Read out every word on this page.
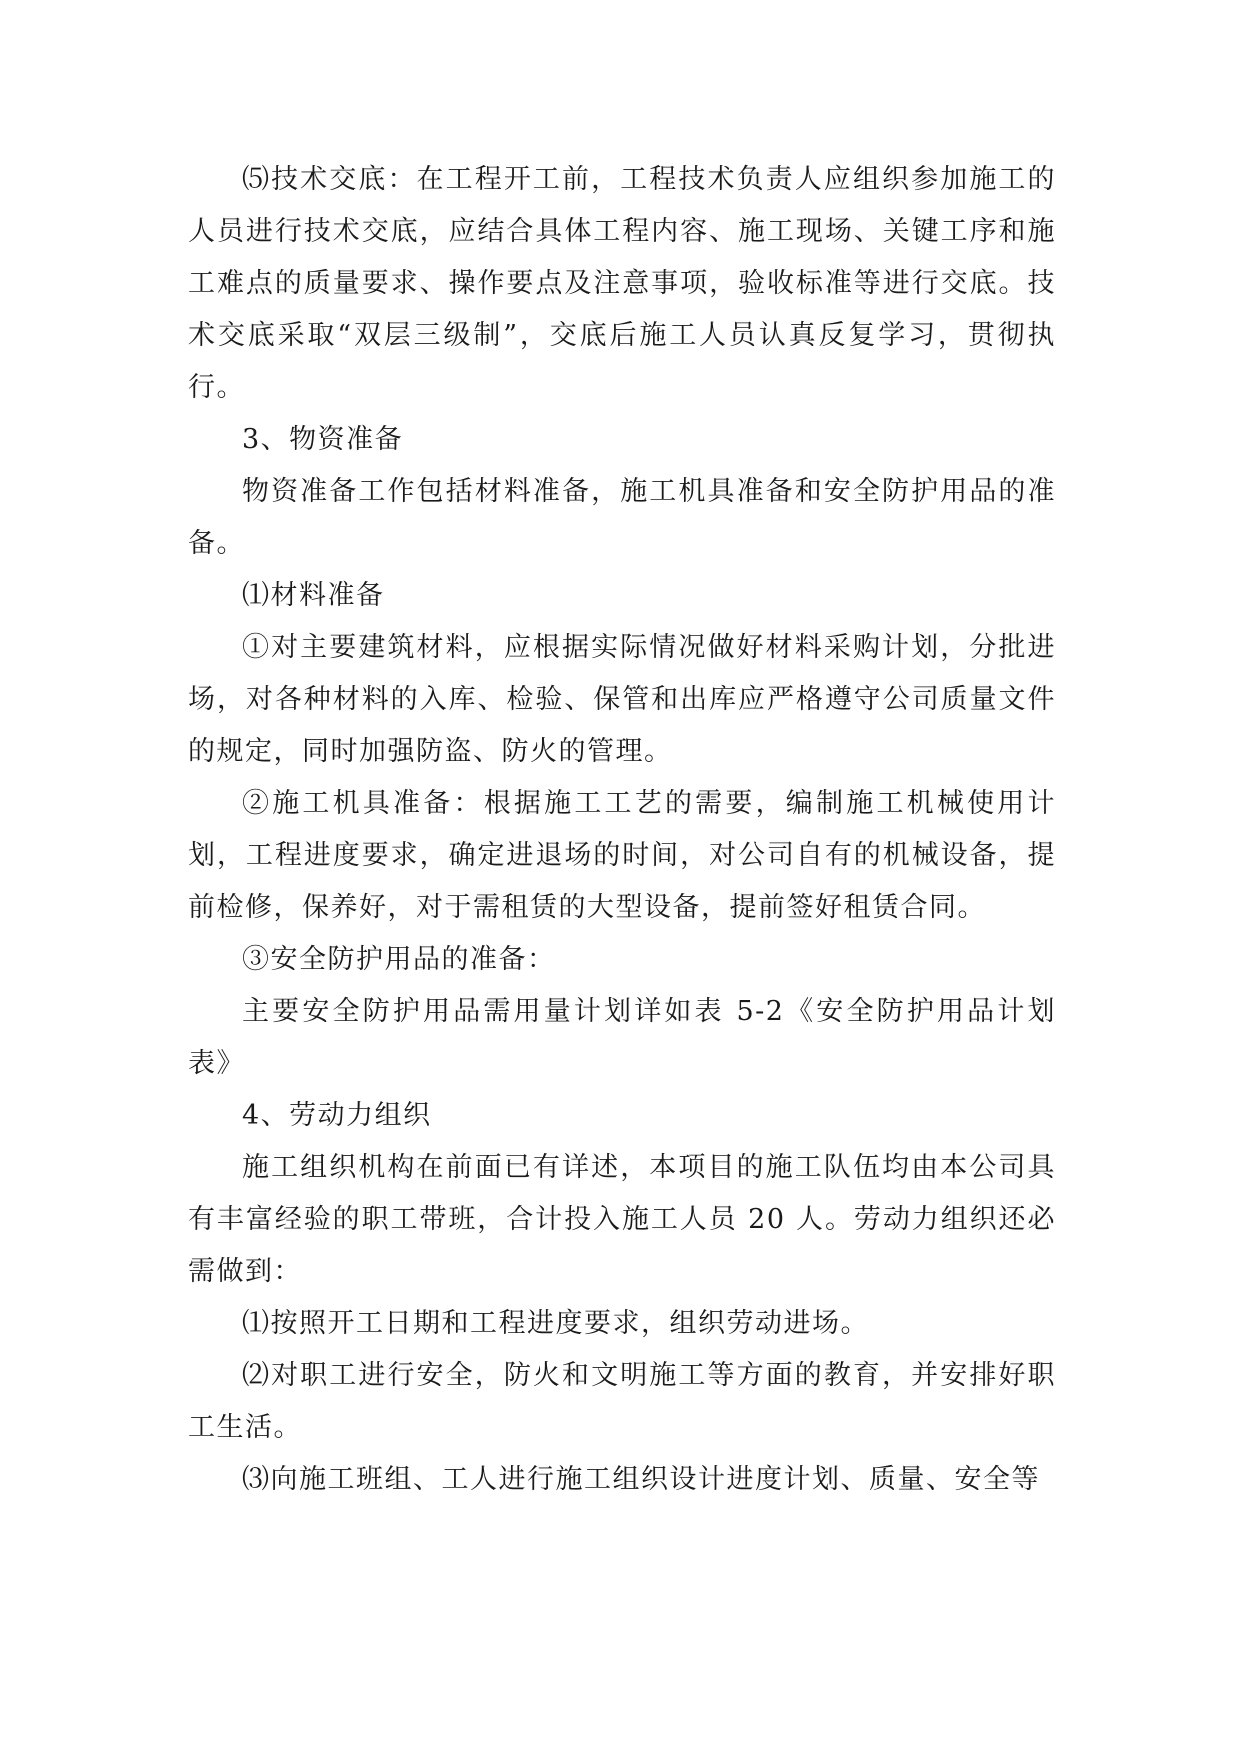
⑸技术交底：在工程开工前，工程技术负责人应组织参加施工的人员进行技术交底，应结合具体工程内容、施工现场、关键工序和施工难点的质量要求、操作要点及注意事项，验收标准等进行交底。技术交底采取“双层三级制”，交底后施工人员认真反复学习，贯彻执行。

3、物资准备

物资准备工作包括材料准备，施工机具准备和安全防护用品的准备。

⑴材料准备

①对主要建筑材料，应根据实际情况做好材料采购计划，分批进场，对各种材料的入库、检验、保管和出库应严格遵守公司质量文件的规定，同时加强防盗、防火的管理。

②施工机具准备：根据施工工艺的需要，编制施工机械使用计划，工程进度要求，确定进退场的时间，对公司自有的机械设备，提前检修，保养好，对于需租赁的大型设备，提前签好租赁合同。

③安全防护用品的准备：

主要安全防护用品需用量计划详如表 5-2《安全防护用品计划表》

4、劳动力组织

施工组织机构在前面已有详述，本项目的施工队伍均由本公司具有丰富经验的职工带班，合计投入施工人员 20 人。劳动力组织还必需做到：

⑴按照开工日期和工程进度要求，组织劳动进场。

⑵对职工进行安全，防火和文明施工等方面的教育，并安排好职工生活。

⑶向施工班组、工人进行施工组织设计进度计划、质量、安全等
